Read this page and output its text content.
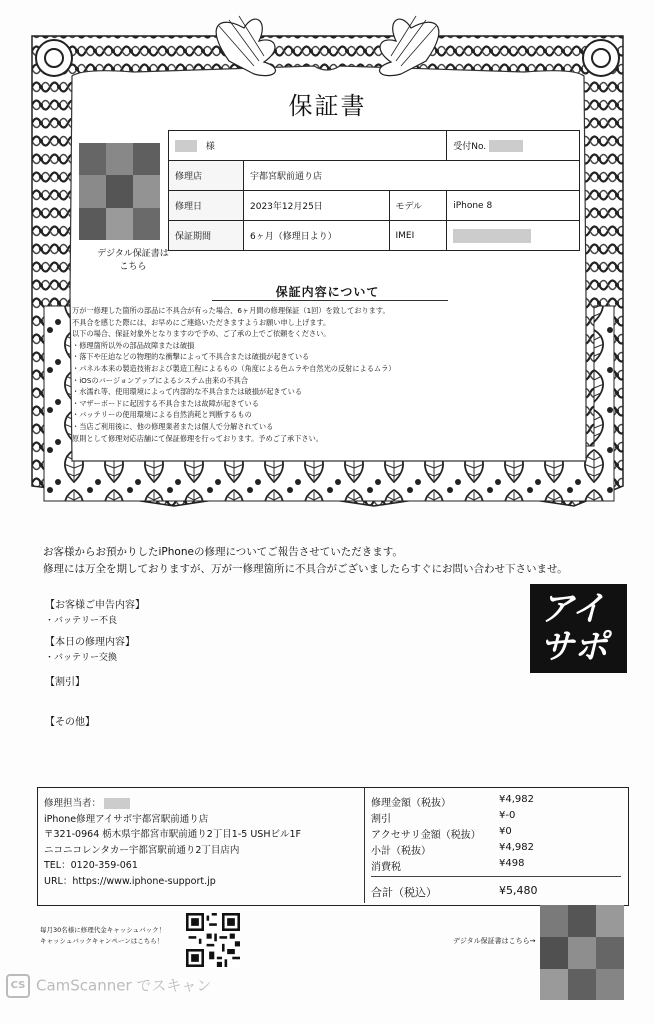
保証書
デジタル保証書は
こちら
様			受付No.
修理店	宇都宮駅前通り店		
修理日	2023年12月25日	モデル	iPhone 8
保証期間	6ヶ月（修理日より）	IMEI	
保証内容について
万が一修理した箇所の部品に不具合が有った場合、6ヶ月間の修理保証（1回）を致しております。
不具合を感じた際には、お早めにご連絡いただきますようお願い申し上げます。
以下の場合、保証対象外となりますので予め、ご了承の上でご依頼をください。
・修理箇所以外の部品故障または破損
・落下や圧迫などの物理的な衝撃によって不具合または破損が起きている
・パネル本来の製造技術および製造工程によるもの（角度による色ムラや自然光の反射によるムラ）
・iOSのバージョンアップによるシステム由来の不具合
・水濡れ等、使用環境によって内部的な不具合または破損が起きている
・マザーボードに起因する不具合または故障が起きている
・バッテリーの使用環境による自然消耗と判断するもの
・当店ご利用後に、他の修理業者または個人で分解されている
原則として修理対応店舗にて保証修理を行っております。予めご了承下さい。
お客様からお預かりしたiPhoneの修理についてご報告させていただきます。
修理には万全を期しておりますが、万が一修理箇所に不具合がございましたらすぐにお問い合わせ下さいませ。
【お客様ご申告内容】
・バッテリー不良
【本日の修理内容】
・バッテリー交換
【割引】
【その他】
アイ
サポ
修理担当者：
iPhone修理アイサポ宇都宮駅前通り店
〒321-0964 栃木県宇都宮市駅前通り2丁目1-5 USHビル1F
ニコニコレンタカー宇都宮駅前通り2丁目店内
TEL：0120-359-061
URL：https://www.iphone-support.jp
修理金額（税抜）	¥4,982
割引	¥-0
アクセサリ金額（税抜） ¥0
小計（税抜）	¥4,982
消費税	¥498
合計（税込）	¥5,480
毎月30名様に修理代金キャッシュバック！
キャッシュバックキャンペーンはこちら！	デジタル保証書はこちら→
CS CamScanner でスキャン
